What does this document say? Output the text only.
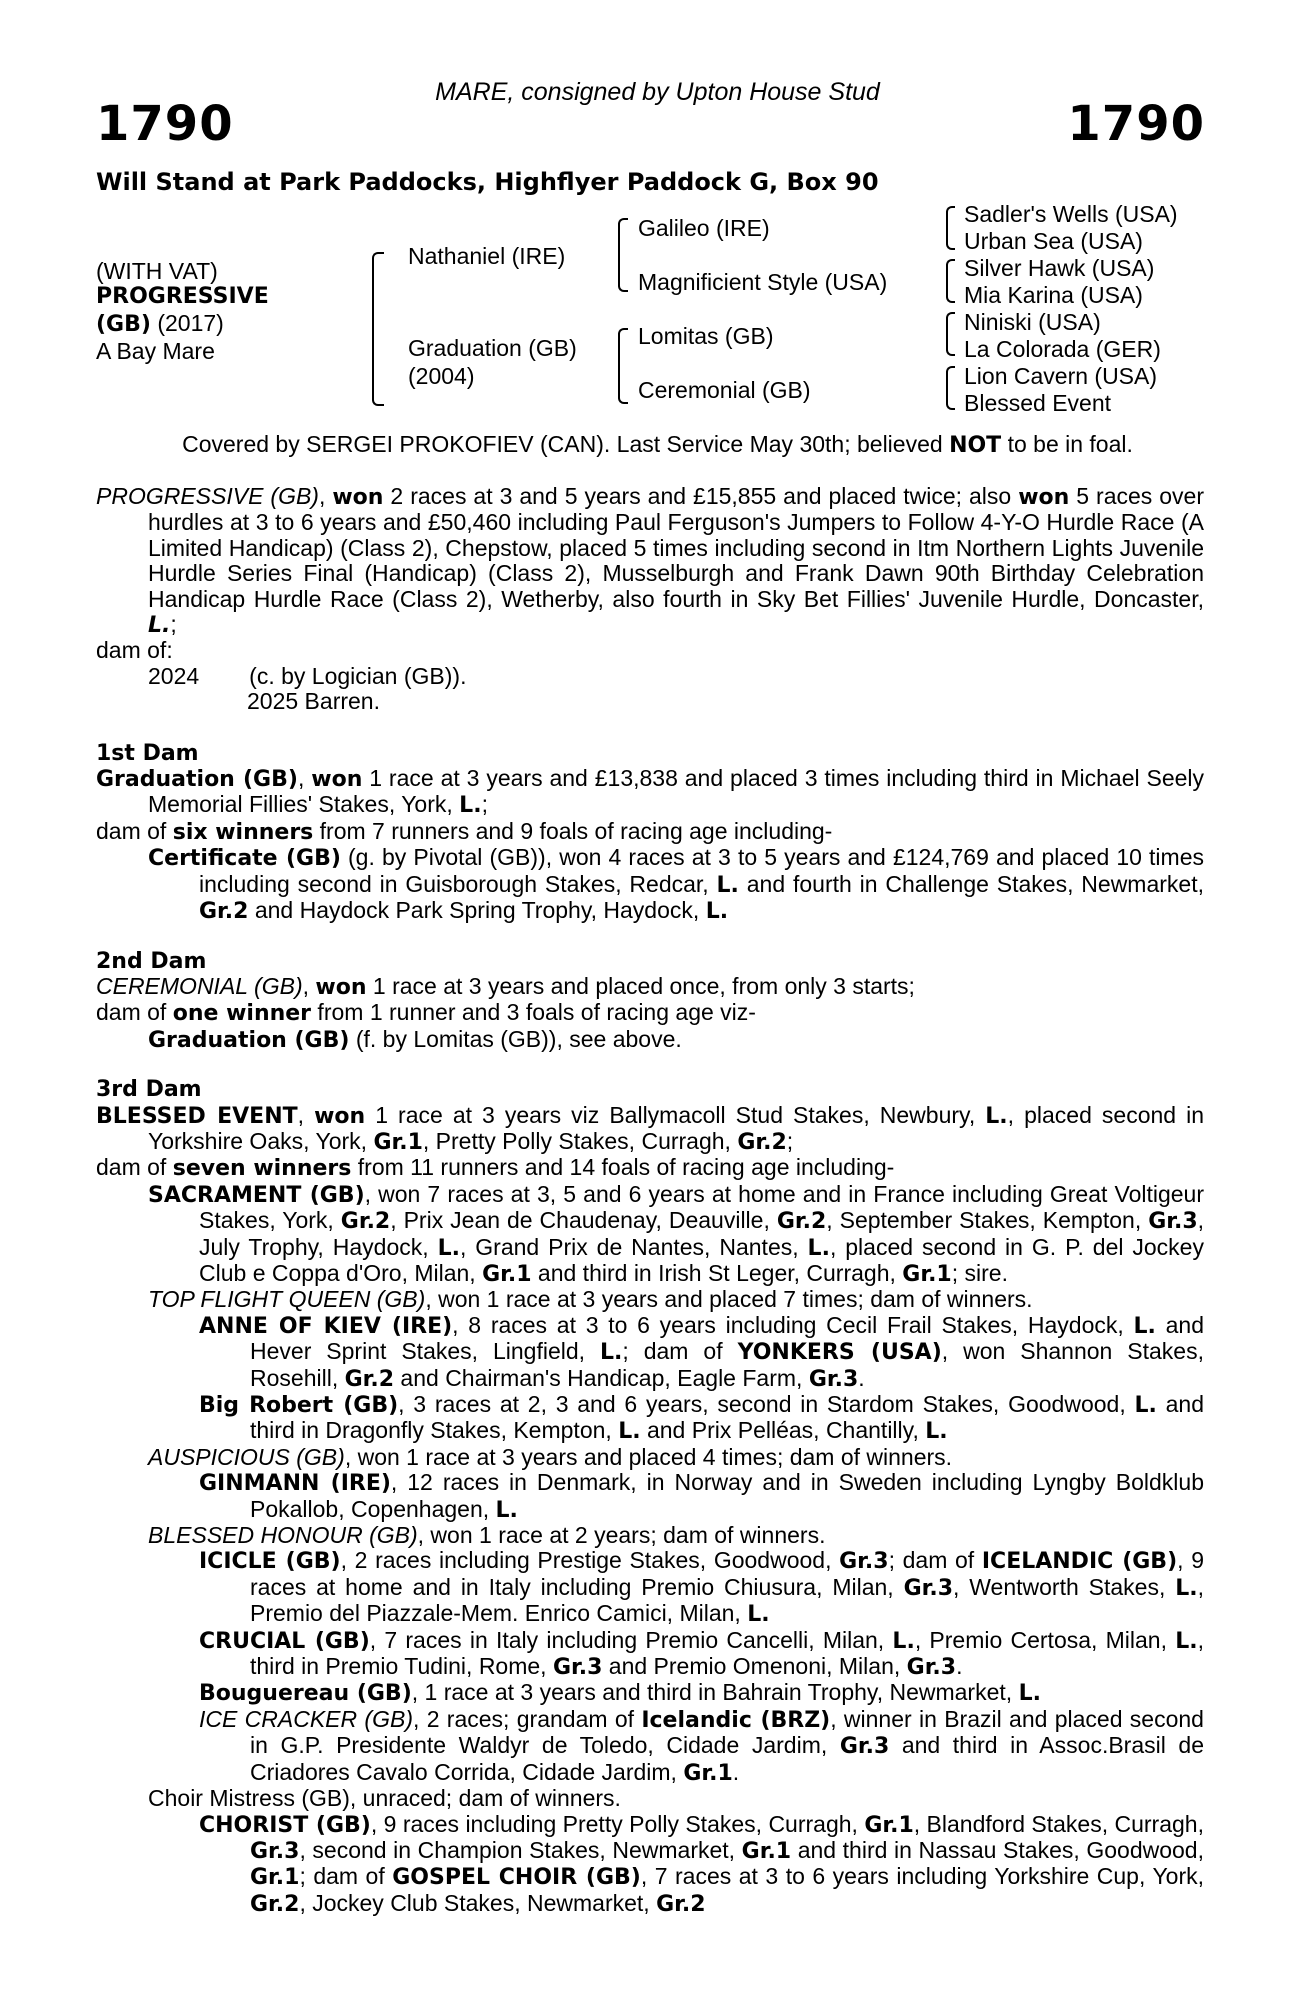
MARE, consigned by Upton House Stud
1790	1790
Will Stand at Park Paddocks, Highflyer Paddock G, Box 90
(WITH VAT)
PROGRESSIVE
(GB) (2017)
A Bay Mare
Nathaniel (IRE)
Graduation (GB)
(2004)
Galileo (IRE)
Magnificient Style (USA)
Lomitas (GB)
Ceremonial (GB)
Sadler's Wells (USA)
Urban Sea (USA)
Silver Hawk (USA)
Mia Karina (USA)
Niniski (USA)
La Colorada (GER)
Lion Cavern (USA)
Blessed Event
Covered by SERGEI PROKOFIEV (CAN). Last Service May 30th; believed NOT to be in foal.

PROGRESSIVE (GB), won 2 races at 3 and 5 years and £15,855 and placed twice; also won 5 races over hurdles at 3 to 6 years and £50,460 including Paul Ferguson's Jumpers to Follow 4-Y-O Hurdle Race (A Limited Handicap) (Class 2), Chepstow, placed 5 times including second in Itm Northern Lights Juvenile Hurdle Series Final (Handicap) (Class 2), Musselburgh and Frank Dawn 90th Birthday Celebration Handicap Hurdle Race (Class 2), Wetherby, also fourth in Sky Bet Fillies' Juvenile Hurdle, Doncaster, L.;

dam of:
2024 (c. by Logician (GB)).
2025 Barren.
1st Dam

Graduation (GB), won 1 race at 3 years and £13,838 and placed 3 times including third in Michael Seely Memorial Fillies' Stakes, York, L.;

dam of six winners from 7 runners and 9 foals of racing age including-

Certificate (GB) (g. by Pivotal (GB)), won 4 races at 3 to 5 years and £124,769 and placed 10 times including second in Guisborough Stakes, Redcar, L. and fourth in Challenge Stakes, Newmarket, Gr.2 and Haydock Park Spring Trophy, Haydock, L.

2nd Dam

CEREMONIAL (GB), won 1 race at 3 years and placed once, from only 3 starts;

dam of one winner from 1 runner and 3 foals of racing age viz-
Graduation (GB) (f. by Lomitas (GB)), see above.
3rd Dam

BLESSED EVENT, won 1 race at 3 years viz Ballymacoll Stud Stakes, Newbury, L., placed second in Yorkshire Oaks, York, Gr.1, Pretty Polly Stakes, Curragh, Gr.2;

dam of seven winners from 11 runners and 14 foals of racing age including-

SACRAMENT (GB), won 7 races at 3, 5 and 6 years at home and in France including Great Voltigeur Stakes, York, Gr.2, Prix Jean de Chaudenay, Deauville, Gr.2, September Stakes, Kempton, Gr.3, July Trophy, Haydock, L., Grand Prix de Nantes, Nantes, L., placed second in G. P. del Jockey Club e Coppa d'Oro, Milan, Gr.1 and third in Irish St Leger, Curragh, Gr.1; sire.

TOP FLIGHT QUEEN (GB), won 1 race at 3 years and placed 7 times; dam of winners.

ANNE OF KIEV (IRE), 8 races at 3 to 6 years including Cecil Frail Stakes, Haydock, L. and Hever Sprint Stakes, Lingfield, L.; dam of YONKERS (USA), won Shannon Stakes, Rosehill, Gr.2 and Chairman's Handicap, Eagle Farm, Gr.3.

Big Robert (GB), 3 races at 2, 3 and 6 years, second in Stardom Stakes, Goodwood, L. and third in Dragonfly Stakes, Kempton, L. and Prix Pelléas, Chantilly, L.

AUSPICIOUS (GB), won 1 race at 3 years and placed 4 times; dam of winners.

GINMANN (IRE), 12 races in Denmark, in Norway and in Sweden including Lyngby Boldklub Pokallob, Copenhagen, L.

BLESSED HONOUR (GB), won 1 race at 2 years; dam of winners.

ICICLE (GB), 2 races including Prestige Stakes, Goodwood, Gr.3; dam of ICELANDIC (GB), 9 races at home and in Italy including Premio Chiusura, Milan, Gr.3, Wentworth Stakes, L., Premio del Piazzale-Mem. Enrico Camici, Milan, L.

CRUCIAL (GB), 7 races in Italy including Premio Cancelli, Milan, L., Premio Certosa, Milan, L., third in Premio Tudini, Rome, Gr.3 and Premio Omenoni, Milan, Gr.3.

Bouguereau (GB), 1 race at 3 years and third in Bahrain Trophy, Newmarket, L.

ICE CRACKER (GB), 2 races; grandam of Icelandic (BRZ), winner in Brazil and placed second in G.P. Presidente Waldyr de Toledo, Cidade Jardim, Gr.3 and third in Assoc.Brasil de Criadores Cavalo Corrida, Cidade Jardim, Gr.1.

Choir Mistress (GB), unraced; dam of winners.

CHORIST (GB), 9 races including Pretty Polly Stakes, Curragh, Gr.1, Blandford Stakes, Curragh, Gr.3, second in Champion Stakes, Newmarket, Gr.1 and third in Nassau Stakes, Goodwood, Gr.1; dam of GOSPEL CHOIR (GB), 7 races at 3 to 6 years including Yorkshire Cup, York, Gr.2, Jockey Club Stakes, Newmarket, Gr.2
